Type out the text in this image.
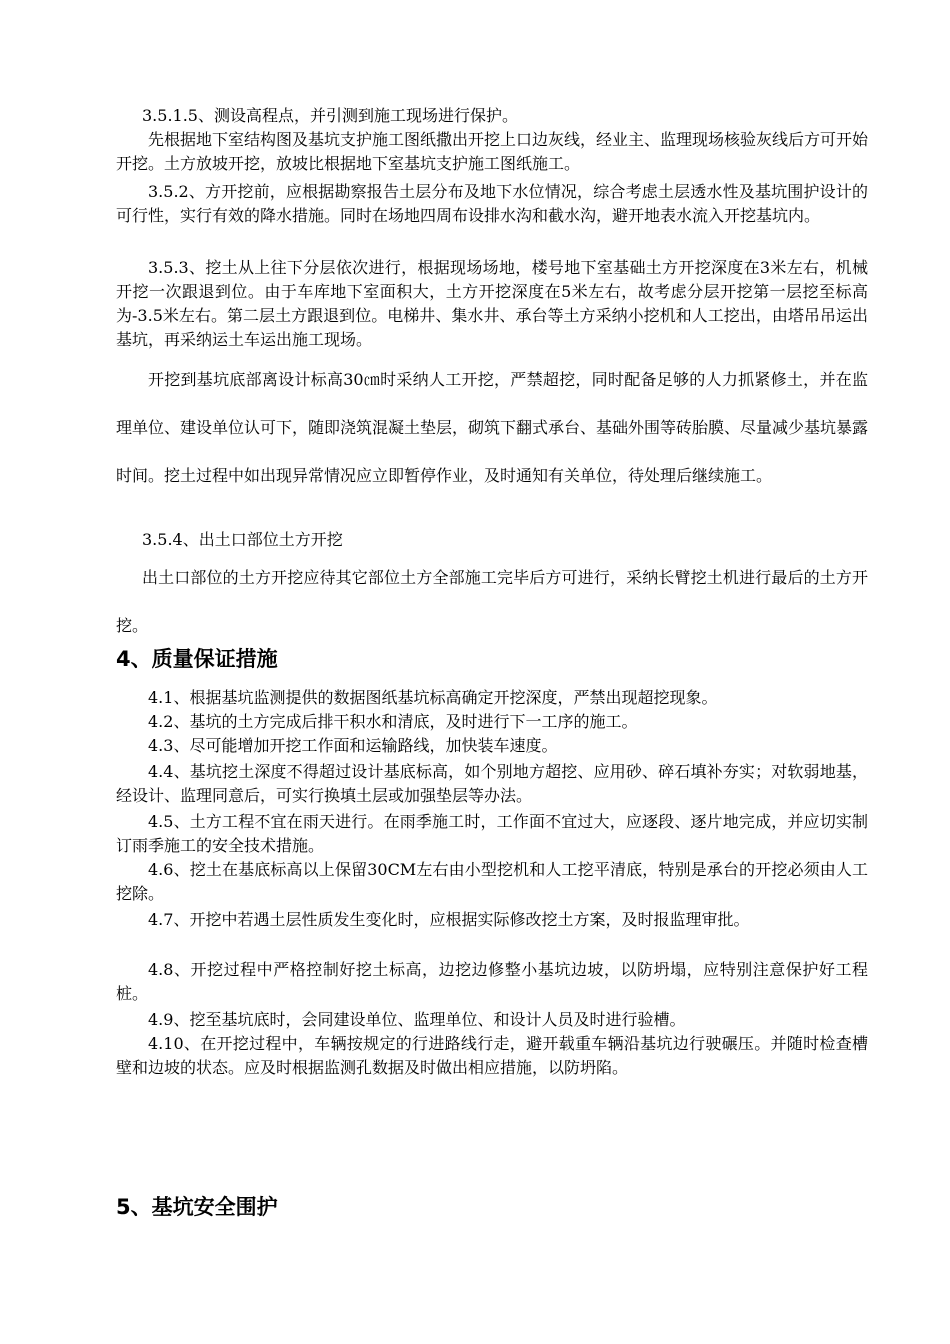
3.5.1.5、测设高程点，并引测到施工现场进行保护。

先根据地下室结构图及基坑支护施工图纸撒出开挖上口边灰线，经业主、监理现场核验灰线后方可开始开挖。土方放坡开挖，放坡比根据地下室基坑支护施工图纸施工。

3.5.2、方开挖前，应根据勘察报告土层分布及地下水位情况，综合考虑土层透水性及基坑围护设计的可行性，实行有效的降水措施。同时在场地四周布设排水沟和截水沟，避开地表水流入开挖基坑内。

3.5.3、挖土从上往下分层依次进行，根据现场场地，楼号地下室基础土方开挖深度在3米左右，机械开挖一次跟退到位。由于车库地下室面积大，土方开挖深度在5米左右，故考虑分层开挖第一层挖至标高为-3.5米左右。第二层土方跟退到位。电梯井、集水井、承台等土方采纳小挖机和人工挖出，由塔吊吊运出基坑，再采纳运土车运出施工现场。

开挖到基坑底部离设计标高30㎝时采纳人工开挖，严禁超挖，同时配备足够的人力抓紧修土，并在监理单位、建设单位认可下，随即浇筑混凝土垫层，砌筑下翻式承台、基础外围等砖胎膜、尽量减少基坑暴露时间。挖土过程中如出现异常情况应立即暂停作业，及时通知有关单位，待处理后继续施工。

3.5.4、出土口部位土方开挖

出土口部位的土方开挖应待其它部位土方全部施工完毕后方可进行，采纳长臂挖土机进行最后的土方开挖。

4、质量保证措施

4.1、根据基坑监测提供的数据图纸基坑标高确定开挖深度，严禁出现超挖现象。

4.2、基坑的土方完成后排干积水和清底，及时进行下一工序的施工。

4.3、尽可能增加开挖工作面和运输路线，加快装车速度。

4.4、基坑挖土深度不得超过设计基底标高，如个别地方超挖、应用砂、碎石填补夯实；对软弱地基，经设计、监理同意后，可实行换填土层或加强垫层等办法。

4.5、土方工程不宜在雨天进行。在雨季施工时，工作面不宜过大，应逐段、逐片地完成，并应切实制订雨季施工的安全技术措施。

4.6、挖土在基底标高以上保留30CM左右由小型挖机和人工挖平清底，特别是承台的开挖必须由人工挖除。

4.7、开挖中若遇土层性质发生变化时，应根据实际修改挖土方案，及时报监理审批。

4.8、开挖过程中严格控制好挖土标高，边挖边修整小基坑边坡，以防坍塌，应特别注意保护好工程桩。

4.9、挖至基坑底时，会同建设单位、监理单位、和设计人员及时进行验槽。

4.10、在开挖过程中，车辆按规定的行进路线行走，避开载重车辆沿基坑边行驶碾压。并随时检查槽壁和边坡的状态。应及时根据监测孔数据及时做出相应措施，以防坍陷。

5、基坑安全围护
